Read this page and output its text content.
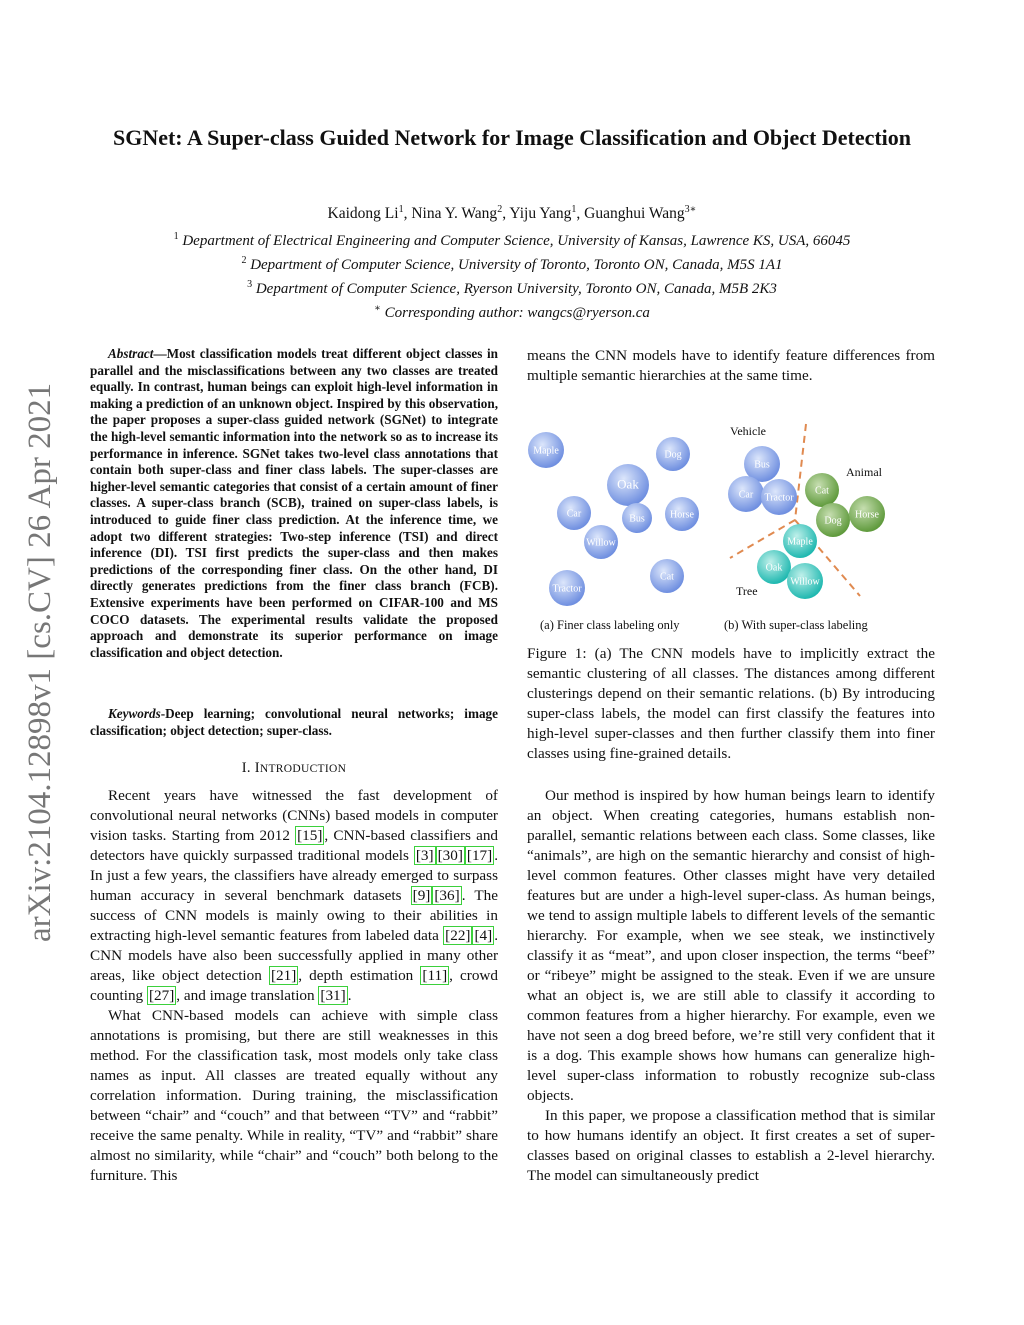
arXiv:2104.12898v1 [cs.CV] 26 Apr 2021
SGNet: A Super-class Guided Network for Image Classification and Object Detection
Kaidong Li$^1$, Nina Y. Wang$^2$, Yiju Yang$^1$, Guanghui Wang$^{3∗}$
$^1$ Department of Electrical Engineering and Computer Science, University of Kansas, Lawrence KS, USA, 66045
$^2$ Department of Computer Science, University of Toronto, Toronto ON, Canada, M5S 1A1
$^3$ Department of Computer Science, Ryerson University, Toronto ON, Canada, M5B 2K3
∗ Corresponding author: wangcs@ryerson.ca
Abstract—Most classification models treat different object classes in parallel and the misclassifications between any two classes are treated equally. In contrast, human beings can exploit high-level information in making a prediction of an unknown object. Inspired by this observation, the paper proposes a super-class guided network (SGNet) to integrate the high-level semantic information into the network so as to increase its performance in inference. SGNet takes two-level class annotations that contain both super-class and finer class labels. The super-classes are higher-level semantic categories that consist of a certain amount of finer classes. A super-class branch (SCB), trained on super-class labels, is introduced to guide finer class prediction. At the inference time, we adopt two different strategies: Two-step inference (TSI) and direct inference (DI). TSI first predicts the super-class and then makes predictions of the corresponding finer class. On the other hand, DI directly generates predictions from the finer class branch (FCB). Extensive experiments have been performed on CIFAR-100 and MS COCO datasets. The experimental results validate the proposed approach and demonstrate its superior performance on image classification and object detection.
Keywords-Deep learning; convolutional neural networks; image classification; object detection; super-class.
I. INTRODUCTION

Recent years have witnessed the fast development of convolutional neural networks (CNNs) based models in computer vision tasks. Starting from 2012 [15] , CNN-based classifiers and detectors have quickly surpassed traditional models [3] [30] [17] . In just a few years, the classifiers have already emerged to surpass human accuracy in several benchmark datasets [9] [36] . The success of CNN models is mainly owing to their abilities in extracting high-level semantic features from labeled data [22] [4] . CNN models have also been successfully applied in many other areas, like object detection [21] , depth estimation [11] , crowd counting [27] , and image translation [31] .

What CNN-based models can achieve with simple class annotations is promising, but there are still weaknesses in this method. For the classification task, most models only take class names as input. All classes are treated equally without any correlation information. During training, the misclassification between “chair” and “couch” and that between “TV” and “rabbit” receive the same penalty. While in reality, “TV” and “rabbit” share almost no similarity, while “chair” and “couch” both belong to the furniture. This

means the CNN models have to identify feature differences from multiple semantic hierarchies at the same time.
Maple	Dog
Oak
Car	Bus	Horse
Willow
Cat
Tractor
Bus
Car Tractor
Cat
Dog
Horse
Maple
Oak
Willow
Vehicle
Animal
Tree
(a) Finer class labeling only	(b) With super-class labeling
Figure 1: (a) The CNN models have to implicitly extract the semantic clustering of all classes. The distances among different clusterings depend on their semantic relations. (b) By introducing super-class labels, the model can first classify the features into high-level super-classes and then further classify them into finer classes using fine-grained details.

Our method is inspired by how human beings learn to identify an object. When creating categories, humans establish non-parallel, semantic relations between each class. Some classes, like “animals”, are high on the semantic hierarchy and consist of high-level common features. Other classes might have very detailed features but are under a high-level super-class. As human beings, we tend to assign multiple labels to different levels of the semantic hierarchy. For example, when we see steak, we instinctively classify it as “meat”, and upon closer inspection, the terms “beef” or “ribeye” might be assigned to the steak. Even if we are unsure what an object is, we are still able to classify it according to common features from a higher hierarchy. For example, even we have not seen a dog breed before, we’re still very confident that it is a dog. This example shows how humans can generalize high-level super-class information to robustly recognize sub-class objects.

In this paper, we propose a classification method that is similar to how humans identify an object. It first creates a set of super-classes based on original classes to establish a 2-level hierarchy. The model can simultaneously predict
